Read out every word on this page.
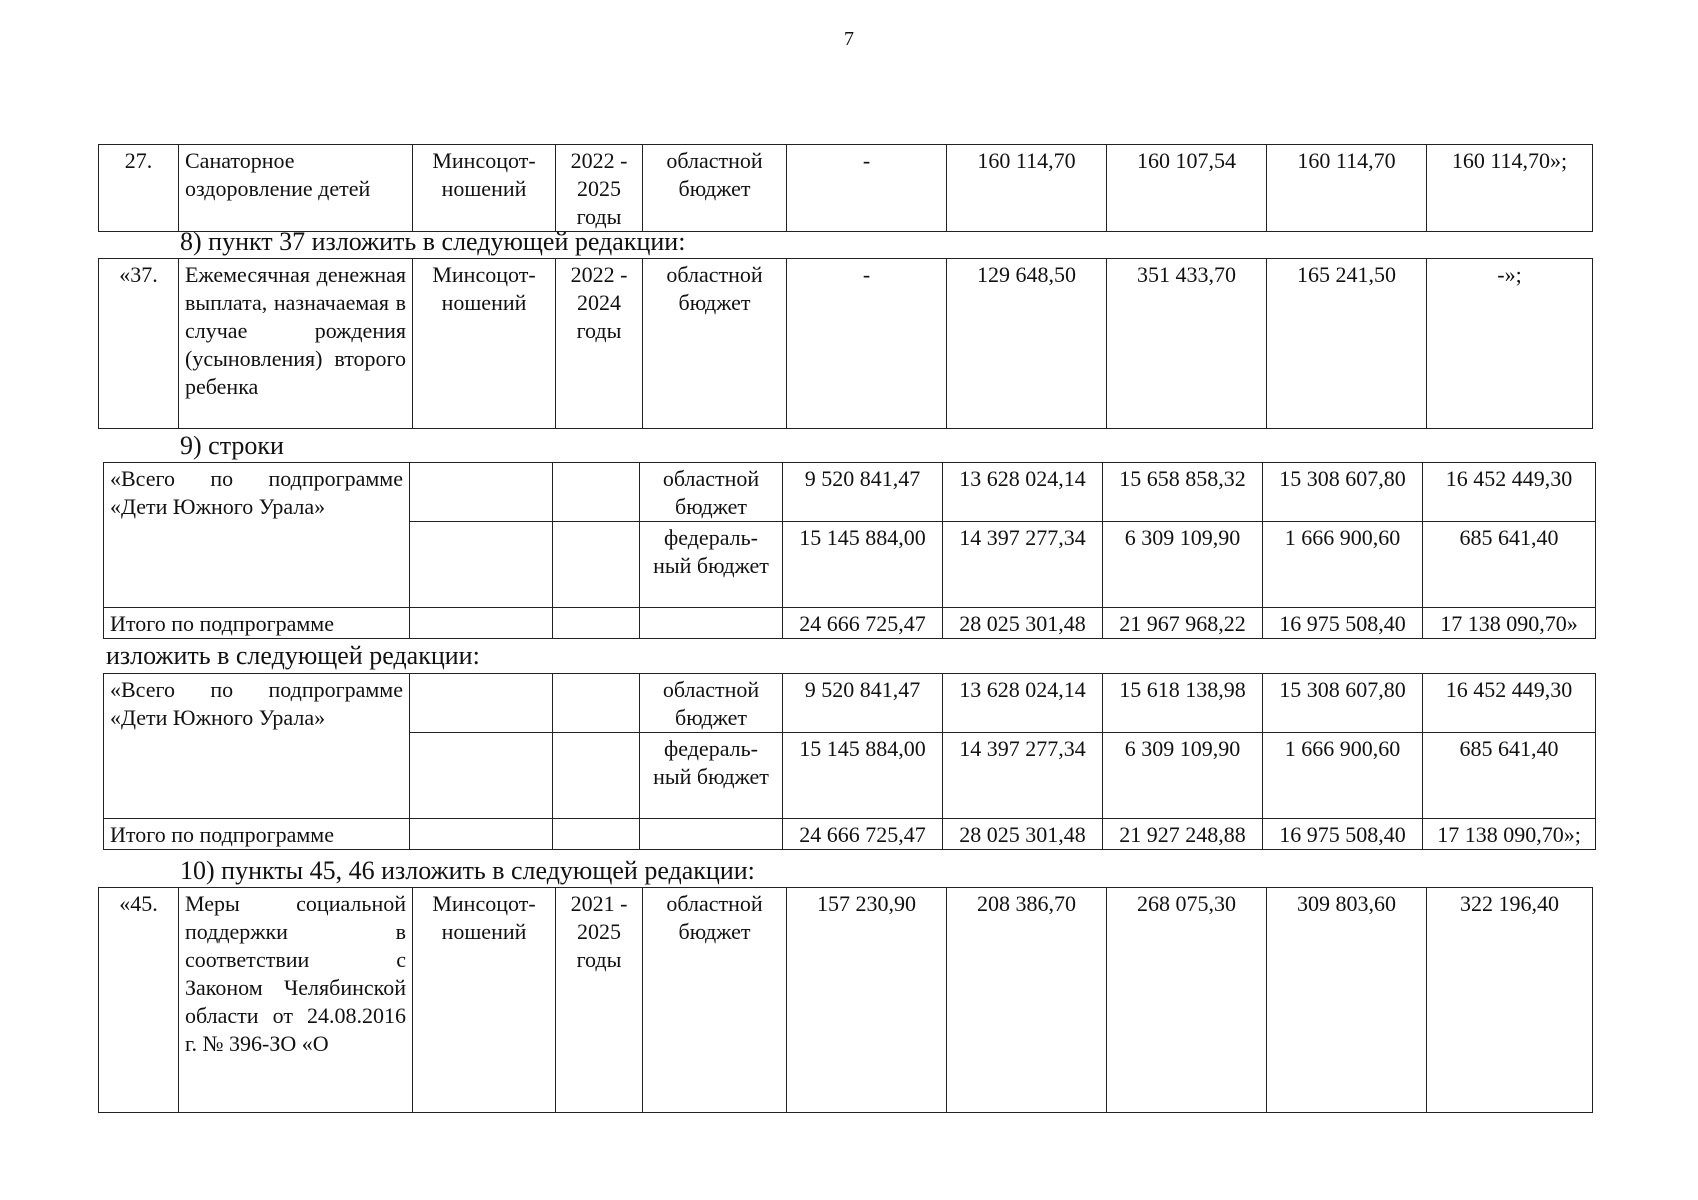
7
27.	Санаторное оздоровление детей	Минсоцот-ношений	2022 - 2025 годы	областной бюджет	-	160 114,70	160 107,54	160 114,70	160 114,70»;
8) пункт 37 изложить в следующей редакции:
«37.	Ежемесячная денежная выплата, назначаемая в случае рождения (усыновления) второго ребенка	Минсоцот-ношений	2022 - 2024 годы	областной бюджет	-	129 648,50	351 433,70	165 241,50	-»;
9) строки
«Всего по подпрограмме «Дети Южного Урала»			областной бюджет	9 520 841,47	13 628 024,14	15 658 858,32	15 308 607,80	16 452 449,30
			федераль-ный бюджет	15 145 884,00	14 397 277,34	6 309 109,90	1 666 900,60	685 641,40
Итого по подпрограмме				24 666 725,47	28 025 301,48	21 967 968,22	16 975 508,40	17 138 090,70»
изложить в следующей редакции:
«Всего по подпрограмме «Дети Южного Урала»			областной бюджет	9 520 841,47	13 628 024,14	15 618 138,98	15 308 607,80	16 452 449,30
			федераль-ный бюджет	15 145 884,00	14 397 277,34	6 309 109,90	1 666 900,60	685 641,40
Итого по подпрограмме				24 666 725,47	28 025 301,48	21 927 248,88	16 975 508,40	17 138 090,70»;
10) пункты 45, 46 изложить в следующей редакции:
«45.	Меры социальной поддержки в соответствии с Законом Челябинской области от 24.08.2016 г. № 396-ЗО «О	Минсоцот-ношений	2021 - 2025 годы	областной бюджет	157 230,90	208 386,70	268 075,30	309 803,60	322 196,40
